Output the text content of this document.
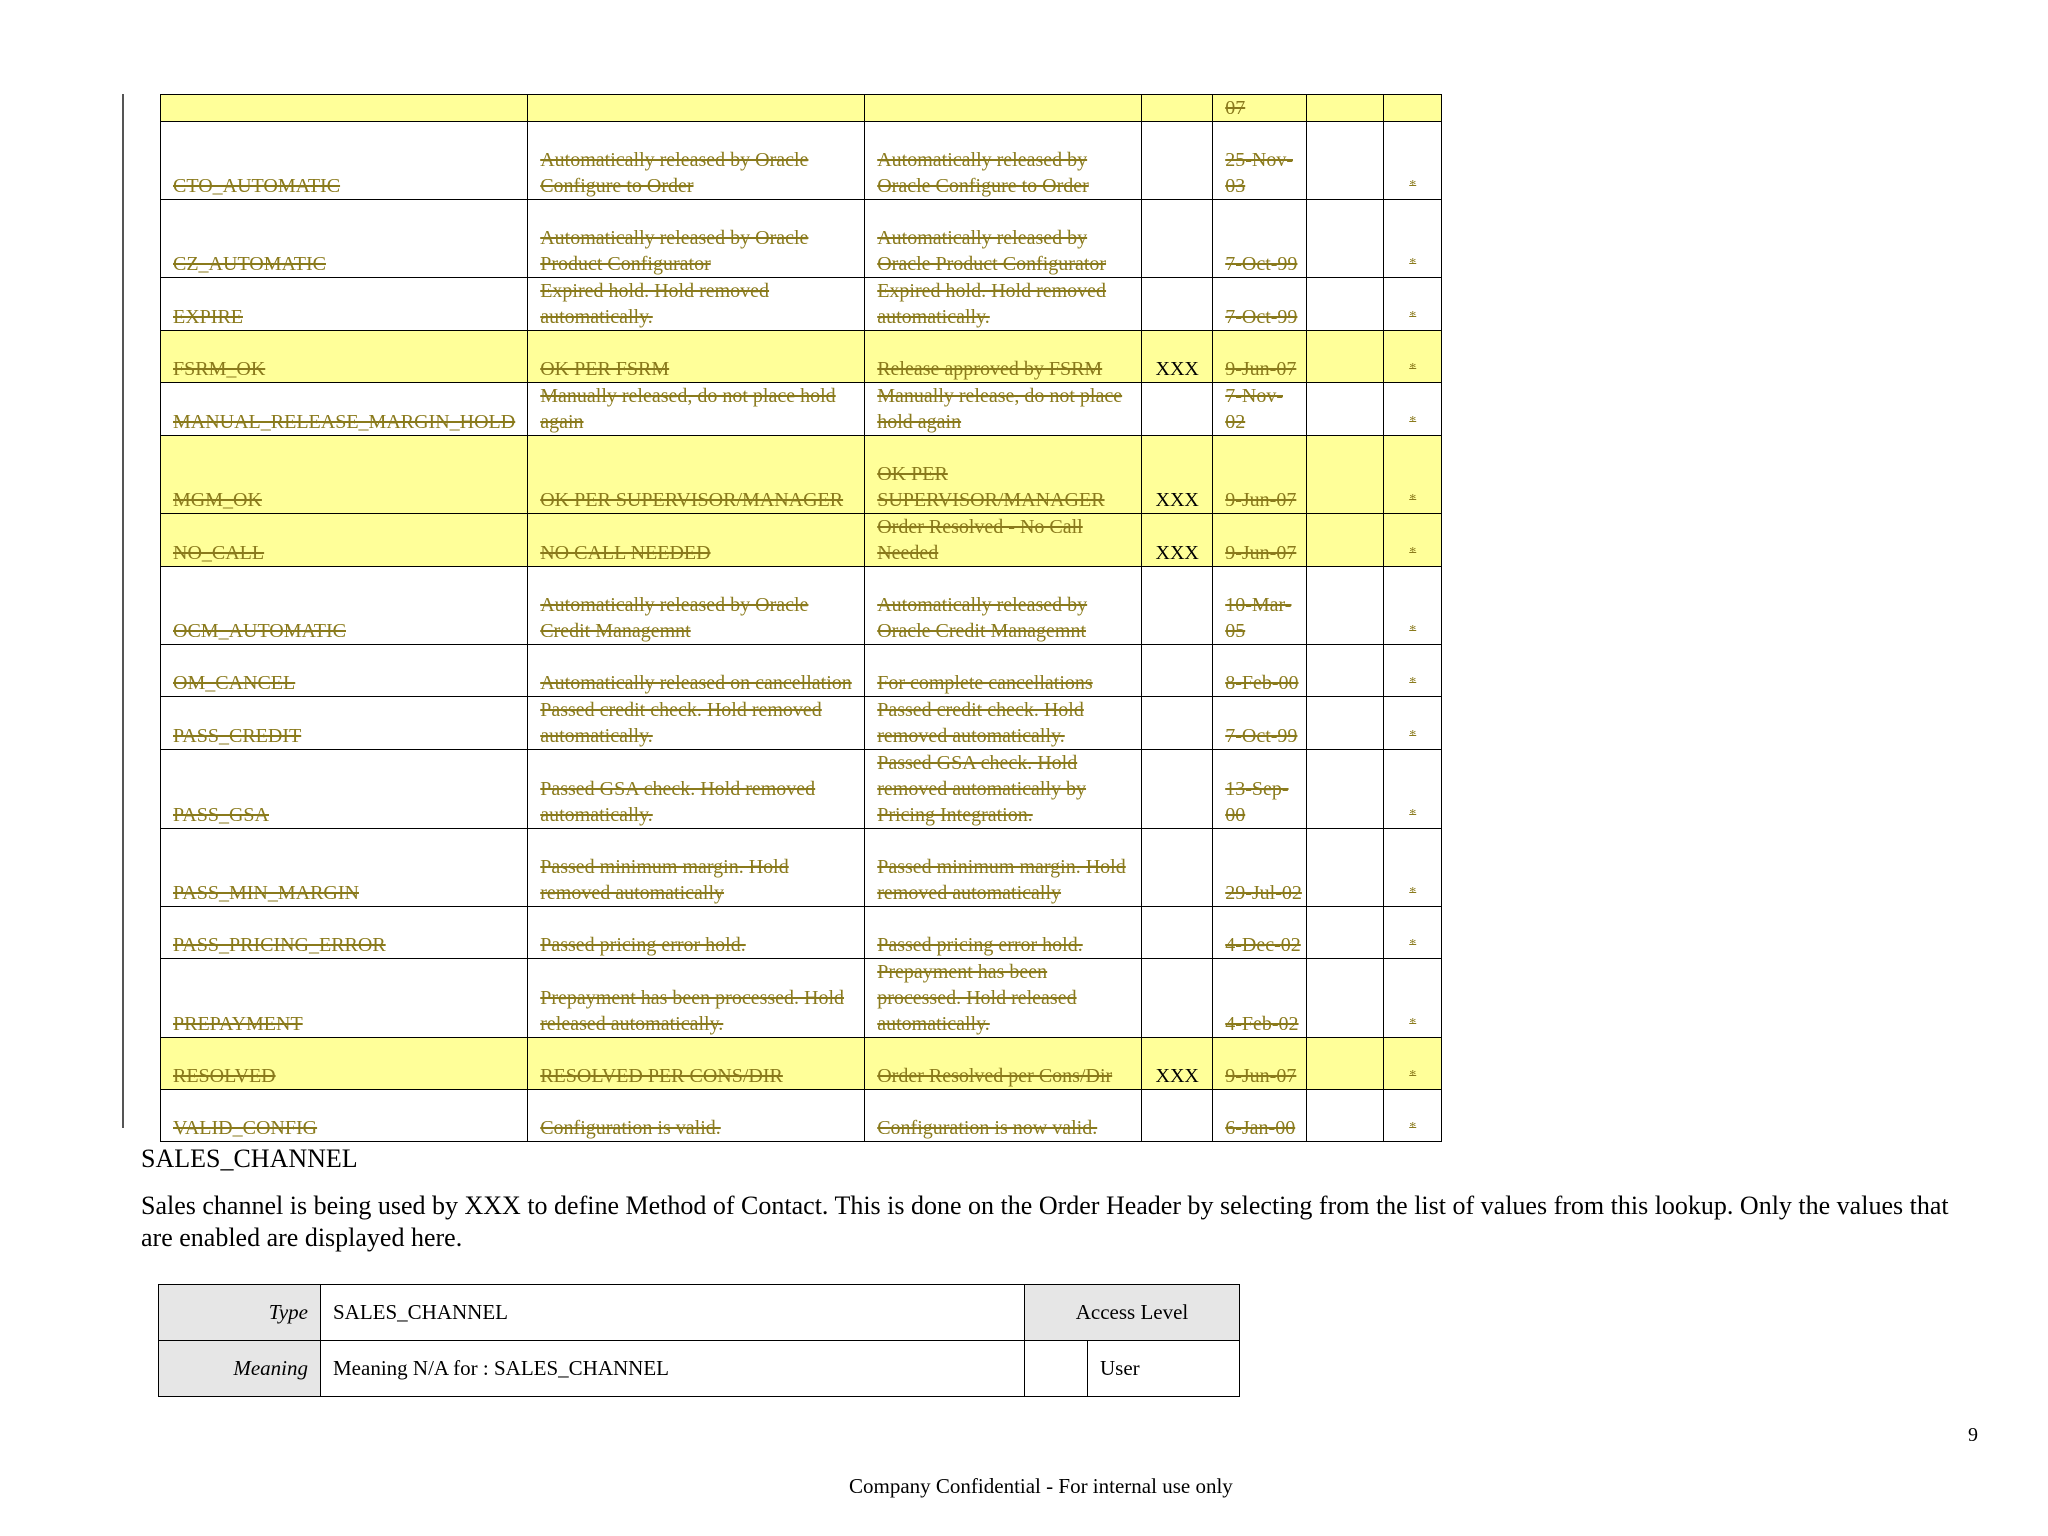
				07		
CTO_AUTOMATIC	Automatically released by Oracle Configure to Order	Automatically released by Oracle Configure to Order		25-Nov-03		*
CZ_AUTOMATIC	Automatically released by Oracle Product Configurator	Automatically released by Oracle Product Configurator		7-Oct-99		*
EXPIRE	Expired hold. Hold removed automatically.	Expired hold. Hold removed automatically.		7-Oct-99		*
FSRM_OK	OK PER FSRM	Release approved by FSRM	XXX	9-Jun-07		*
MANUAL_RELEASE_MARGIN_HOLD	Manually released, do not place hold again	Manually release, do not place hold again		7-Nov-02		*
MGM_OK	OK PER SUPERVISOR/MANAGER	OK PER SUPERVISOR/MANAGER	XXX	9-Jun-07		*
NO_CALL	NO CALL NEEDED	Order Resolved - No Call Needed	XXX	9-Jun-07		*
OCM_AUTOMATIC	Automatically released by Oracle Credit Managemnt	Automatically released by Oracle Credit Managemnt		10-Mar-05		*
OM_CANCEL	Automatically released on cancellation	For complete cancellations		8-Feb-00		*
PASS_CREDIT	Passed credit check. Hold removed automatically.	Passed credit check. Hold removed automatically.		7-Oct-99		*
PASS_GSA	Passed GSA check. Hold removed automatically.	Passed GSA check. Hold removed automatically by Pricing Integration.		13-Sep-00		*
PASS_MIN_MARGIN	Passed minimum margin. Hold removed automatically	Passed minimum margin. Hold removed automatically		29-Jul-02		*
PASS_PRICING_ERROR	Passed pricing error hold.	Passed pricing error hold.		4-Dec-02		*
PREPAYMENT	Prepayment has been processed. Hold released automatically.	Prepayment has been processed. Hold released automatically.		4-Feb-02		*
RESOLVED	RESOLVED PER CONS/DIR	Order Resolved per Cons/Dir	XXX	9-Jun-07		*
VALID_CONFIG	Configuration is valid.	Configuration is now valid.		6-Jan-00		*
SALES_CHANNEL
Sales channel is being used by XXX to define Method of Contact. This is done on the Order Header by selecting from the list of values from this lookup. Only the values that are enabled are displayed here.
Type	SALES_CHANNEL	Access Level	
Meaning	Meaning N/A for : SALES_CHANNEL		User
9
Company Confidential - For internal use only
